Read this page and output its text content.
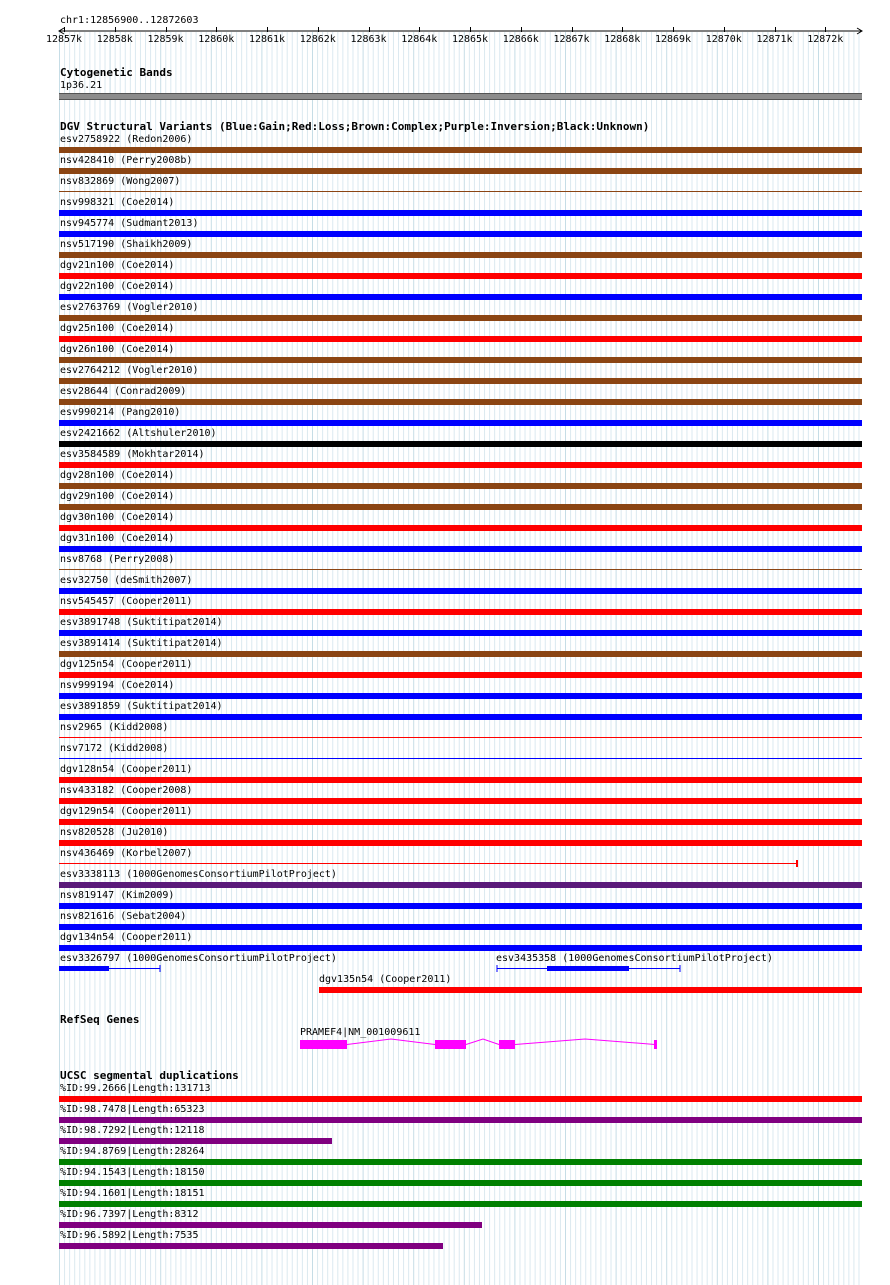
chr1:12856900..12872603
12857k 12858k 12859k 12860k 12861k 12862k 12863k 12864k 12865k 12866k 12867k 12868k 12869k 12870k 12871k 12872k
Cytogenetic Bands
1p36.21
DGV Structural Variants (Blue:Gain;Red:Loss;Brown:Complex;Purple:Inversion;Black:Unknown)
esv2758922 (Redon2006)
nsv428410 (Perry2008b)
nsv832869 (Wong2007)
nsv998321 (Coe2014)
nsv945774 (Sudmant2013)
nsv517190 (Shaikh2009)
dgv21n100 (Coe2014)
dgv22n100 (Coe2014)
esv2763769 (Vogler2010)
dgv25n100 (Coe2014)
dgv26n100 (Coe2014)
esv2764212 (Vogler2010)
esv28644 (Conrad2009)
esv990214 (Pang2010)
esv2421662 (Altshuler2010)
esv3584589 (Mokhtar2014)
dgv28n100 (Coe2014)
dgv29n100 (Coe2014)
dgv30n100 (Coe2014)
dgv31n100 (Coe2014)
nsv8768 (Perry2008)
esv32750 (deSmith2007)
nsv545457 (Cooper2011)
esv3891748 (Suktitipat2014)
esv3891414 (Suktitipat2014)
dgv125n54 (Cooper2011)
nsv999194 (Coe2014)
esv3891859 (Suktitipat2014)
nsv2965 (Kidd2008)
nsv7172 (Kidd2008)
dgv128n54 (Cooper2011)
nsv433182 (Cooper2008)
dgv129n54 (Cooper2011)
nsv820528 (Ju2010)
nsv436469 (Korbel2007)
esv3338113 (1000GenomesConsortiumPilotProject)
nsv819147 (Kim2009)
nsv821616 (Sebat2004)
dgv134n54 (Cooper2011)
esv3326797 (1000GenomesConsortiumPilotProject)	esv3435358 (1000GenomesConsortiumPilotProject)
dgv135n54 (Cooper2011)
RefSeq Genes
PRAMEF4|NM_001009611
UCSC segmental duplications
%ID:99.2666|Length:131713
%ID:98.7478|Length:65323
%ID:98.7292|Length:12118
%ID:94.8769|Length:28264
%ID:94.1543|Length:18150
%ID:94.1601|Length:18151
%ID:96.7397|Length:8312
%ID:96.5892|Length:7535
